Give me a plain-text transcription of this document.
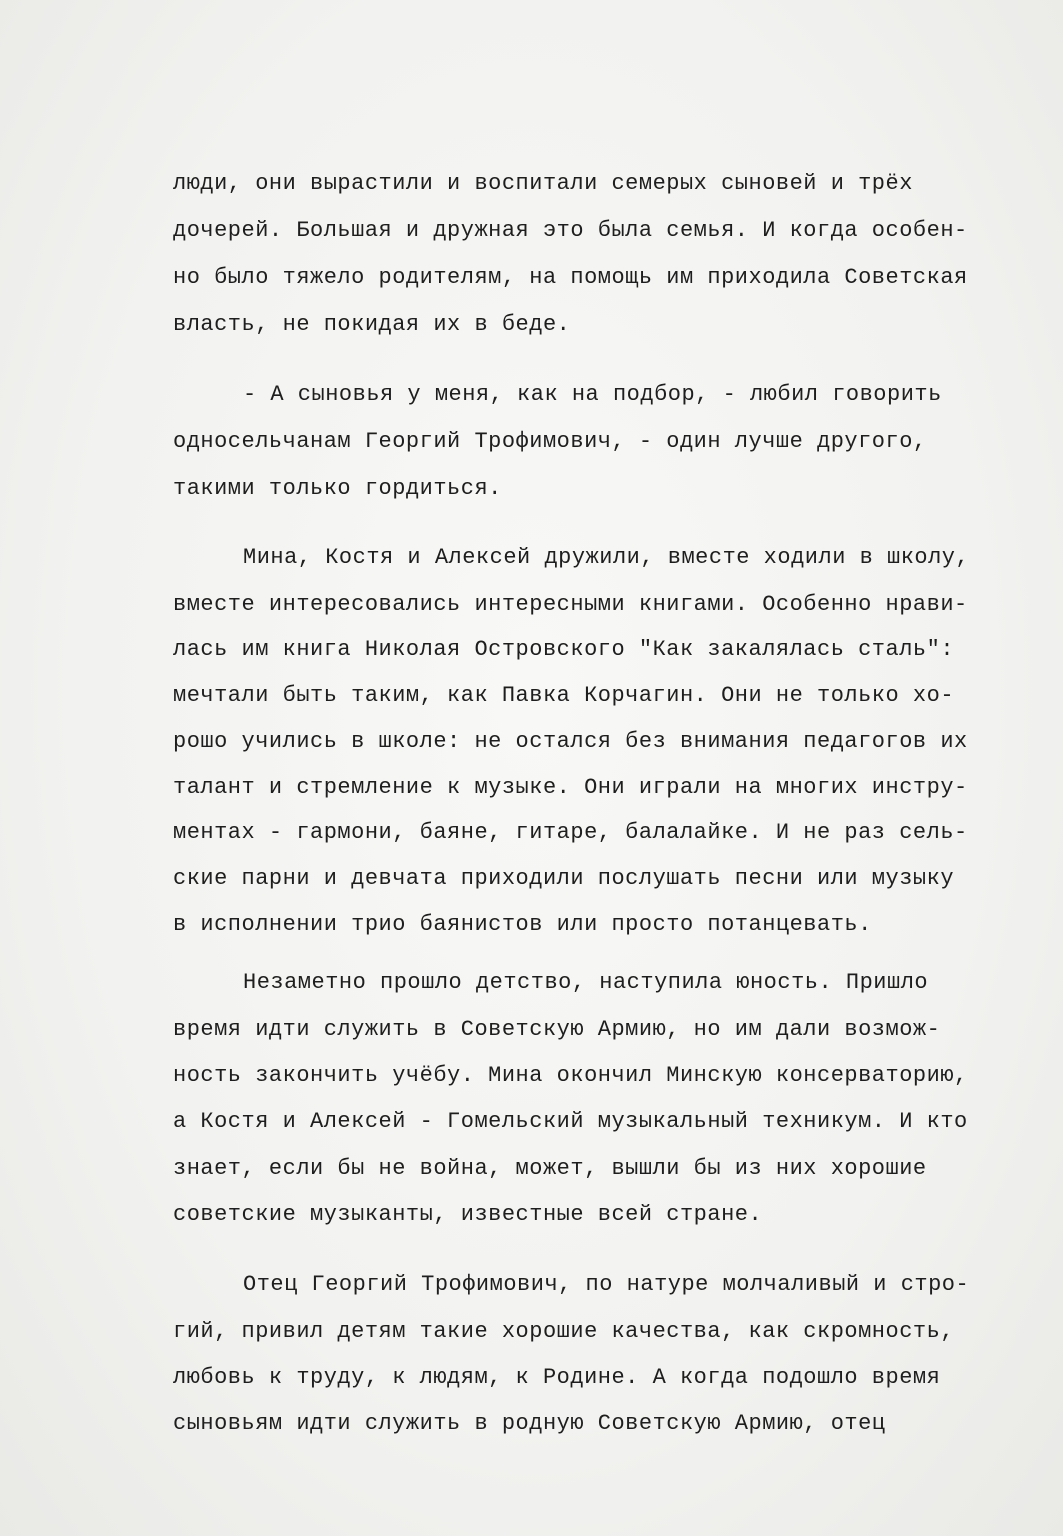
люди, они вырастили и воспитали семерых сыновей и трёх
дочерей. Большая и дружная это была семья. И когда особен-
но было тяжело родителям, на помощь им приходила Советская
власть, не покидая их в беде.
- А сыновья у меня, как на подбор, - любил говорить
односельчанам Георгий Трофимович, - один лучше другого,
такими только гордиться.
Мина, Костя и Алексей дружили, вместе ходили в школу,
вместе интересовались интересными книгами. Особенно нрави-
лась им книга Николая Островского "Как закалялась сталь":
мечтали быть таким, как Павка Корчагин. Они не только хо-
рошо учились в школе: не остался без внимания педагогов их
талант и стремление к музыке. Они играли на многих инстру-
ментах - гармони, баяне, гитаре, балалайке. И не раз сель-
ские парни и девчата приходили послушать песни или музыку
в исполнении трио баянистов или просто потанцевать.
Незаметно прошло детство, наступила юность. Пришло
время идти служить в Советскую Армию, но им дали возмож-
ность закончить учёбу. Мина окончил Минскую консерваторию,
а Костя и Алексей - Гомельский музыкальный техникум. И кто
знает, если бы не война, может, вышли бы из них хорошие
советские музыканты, известные всей стране.
Отец Георгий Трофимович, по натуре молчаливый и стро-
гий, привил детям такие хорошие качества, как скромность,
любовь к труду, к людям, к Родине. А когда подошло время
сыновьям идти служить в родную Советскую Армию, отец
